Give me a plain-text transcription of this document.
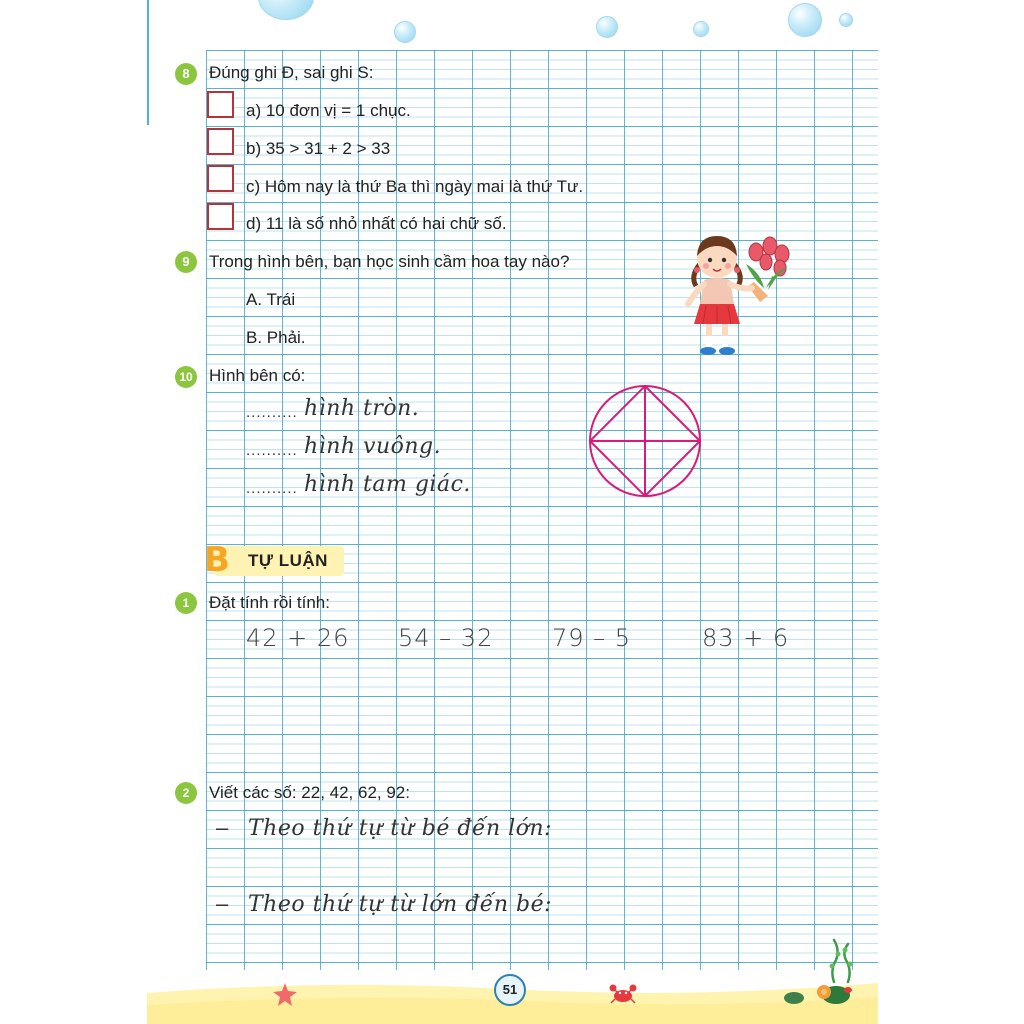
8	Đúng ghi Đ, sai ghi S:
a) 10 đơn vị = 1 chục.
b) 35 > 31 + 2 > 33
c) Hôm nay là thứ Ba thì ngày mai là thứ Tư.
d) 11 là số nhỏ nhất có hai chữ số.
9	Trong hình bên, bạn học sinh cầm hoa tay nào?
A. Trái
B. Phải.
10 Hình bên có:
.......... hình tròn.
.......... hình vuông.
.......... hình tam giác.
B TỰ LUẬN
1	Đặt tính rồi tính:
42 + 26 54 – 32 79 – 5	83 + 6
2	Viết các số: 22, 42, 62, 92:
– Theo thứ tự từ bé đến lớn:
– Theo thứ tự từ lớn đến bé:
51
